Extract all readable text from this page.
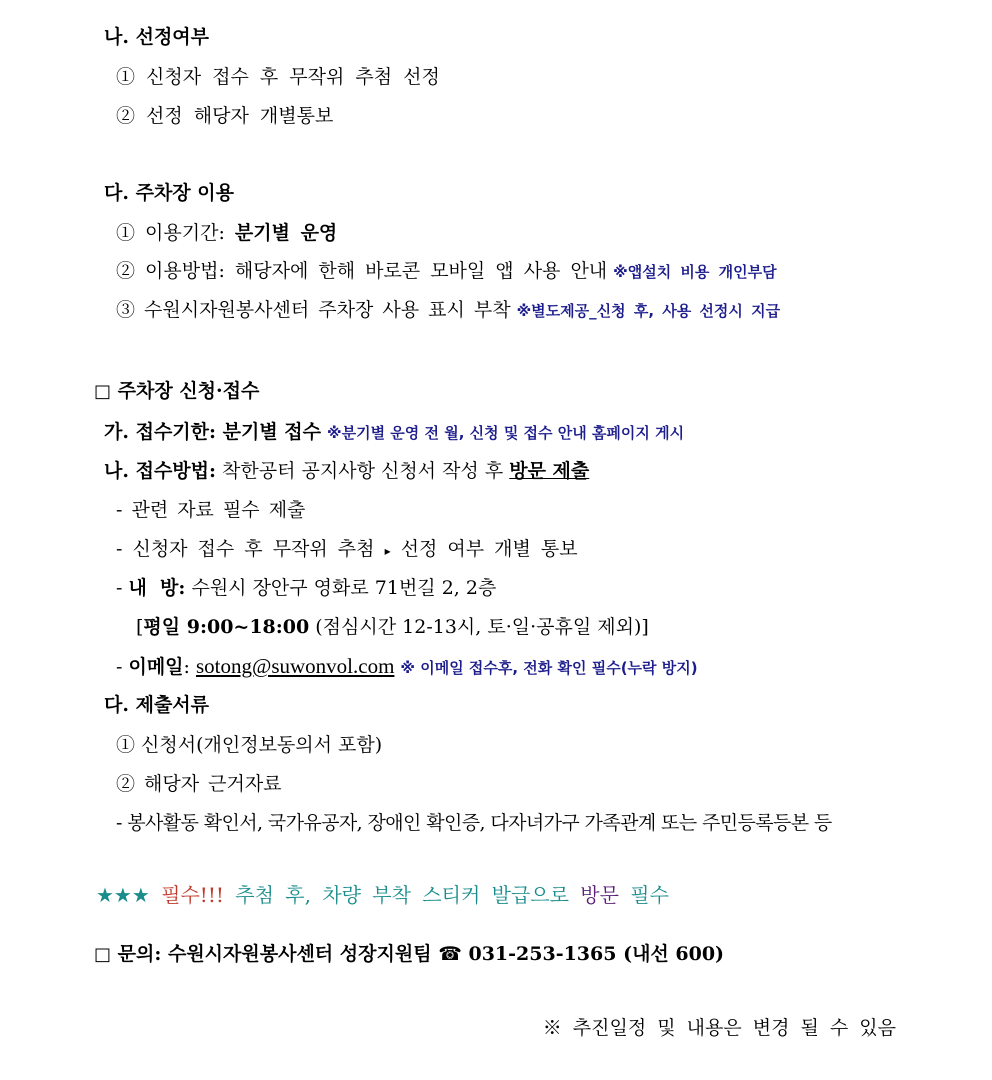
나. 선정여부
① 신청자 접수 후 무작위 추첨 선정
② 선정 해당자 개별통보
다. 주차장 이용
① 이용기간: 분기별 운영
② 이용방법: 해당자에 한해 바로콘 모바일 앱 사용 안내 ※앱설치 비용 개인부담
③ 수원시자원봉사센터 주차장 사용 표시 부착 ※별도제공_신청 후, 사용 선정시 지급
□ 주차장 신청·접수
가. 접수기한: 분기별 접수 ※분기별 운영 전 월, 신청 및 접수 안내 홈페이지 게시
나. 접수방법: 착한공터 공지사항 신청서 작성 후 방문 제출
- 관련 자료 필수 제출
- 신청자 접수 후 무작위 추첨 ▸ 선정 여부 개별 통보
- 내  방: 수원시 장안구 영화로 71번길 2, 2층
[평일 9:00~18:00 (점심시간 12-13시, 토·일·공휴일 제외)]
- 이메일: sotong@suwonvol.com ※ 이메일 접수후, 전화 확인 필수(누락 방지)
다. 제출서류
① 신청서(개인정보동의서 포함)
② 해당자 근거자료
- 봉사활동 확인서, 국가유공자, 장애인 확인증, 다자녀가구 가족관계 또는 주민등록등본 등
★★★ 필수!!! 추첨 후, 차량 부착 스티커 발급으로 방문 필수
□ 문의: 수원시자원봉사센터 성장지원팀 ☎ 031-253-1365 (내선 600)
※ 추진일정 및 내용은 변경 될 수 있음
